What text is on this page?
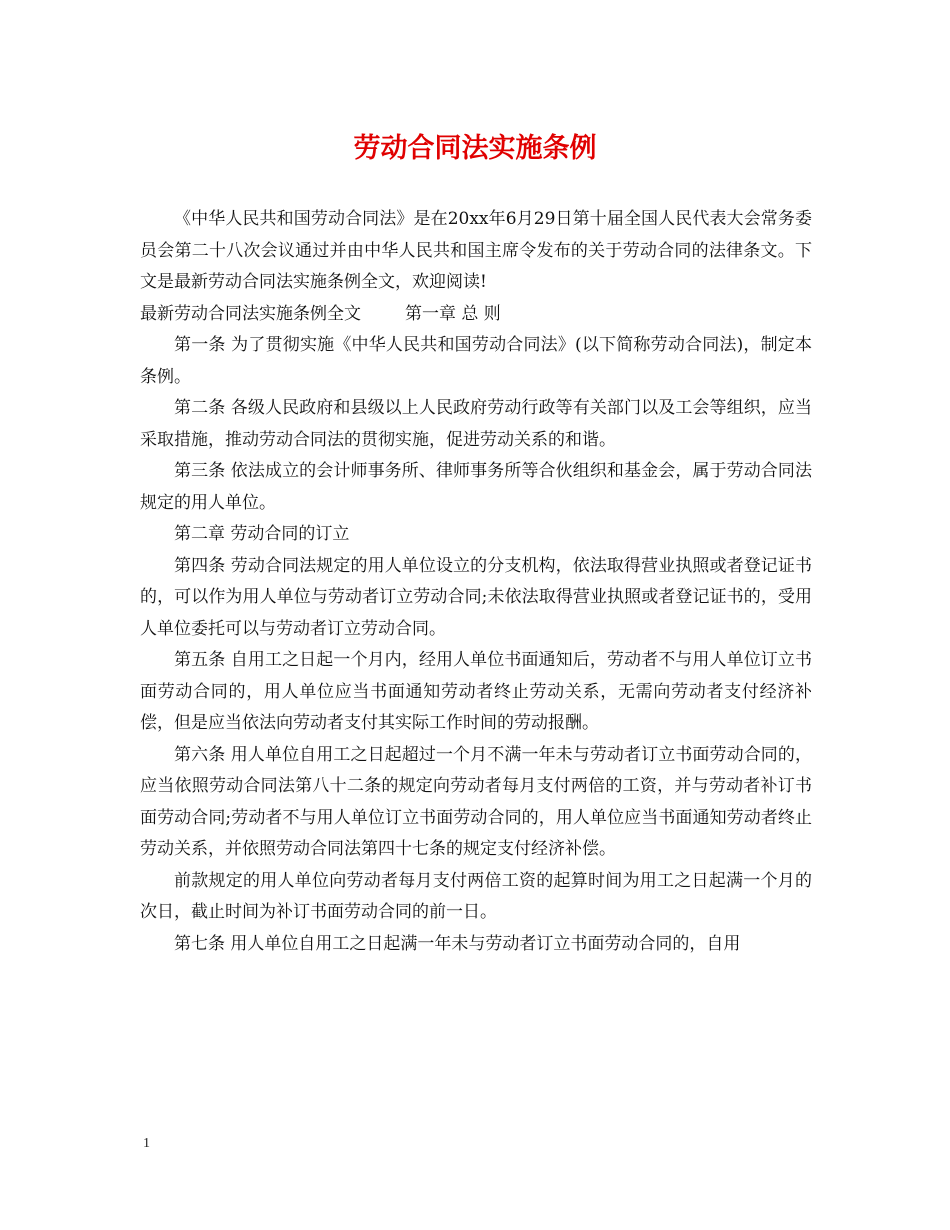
劳动合同法实施条例

《中华人民共和国劳动合同法》是在20xx年6月29日第十届全国人民代表大会常务委员会第二十八次会议通过并由中华人民共和国主席令发布的关于劳动合同的法律条文。下文是最新劳动合同法实施条例全文，欢迎阅读!

最新劳动合同法实施条例全文	第一章 总 则

第一条 为了贯彻实施《中华人民共和国劳动合同法》(以下简称劳动合同法)，制定本条例。

第二条 各级人民政府和县级以上人民政府劳动行政等有关部门以及工会等组织，应当采取措施，推动劳动合同法的贯彻实施，促进劳动关系的和谐。

第三条 依法成立的会计师事务所、律师事务所等合伙组织和基金会，属于劳动合同法规定的用人单位。

第二章 劳动合同的订立

第四条 劳动合同法规定的用人单位设立的分支机构，依法取得营业执照或者登记证书的，可以作为用人单位与劳动者订立劳动合同;未依法取得营业执照或者登记证书的，受用人单位委托可以与劳动者订立劳动合同。

第五条 自用工之日起一个月内，经用人单位书面通知后，劳动者不与用人单位订立书面劳动合同的，用人单位应当书面通知劳动者终止劳动关系，无需向劳动者支付经济补偿，但是应当依法向劳动者支付其实际工作时间的劳动报酬。

第六条 用人单位自用工之日起超过一个月不满一年未与劳动者订立书面劳动合同的，应当依照劳动合同法第八十二条的规定向劳动者每月支付两倍的工资，并与劳动者补订书面劳动合同;劳动者不与用人单位订立书面劳动合同的，用人单位应当书面通知劳动者终止劳动关系，并依照劳动合同法第四十七条的规定支付经济补偿。

前款规定的用人单位向劳动者每月支付两倍工资的起算时间为用工之日起满一个月的次日，截止时间为补订书面劳动合同的前一日。

第七条 用人单位自用工之日起满一年未与劳动者订立书面劳动合同的，自用

1
